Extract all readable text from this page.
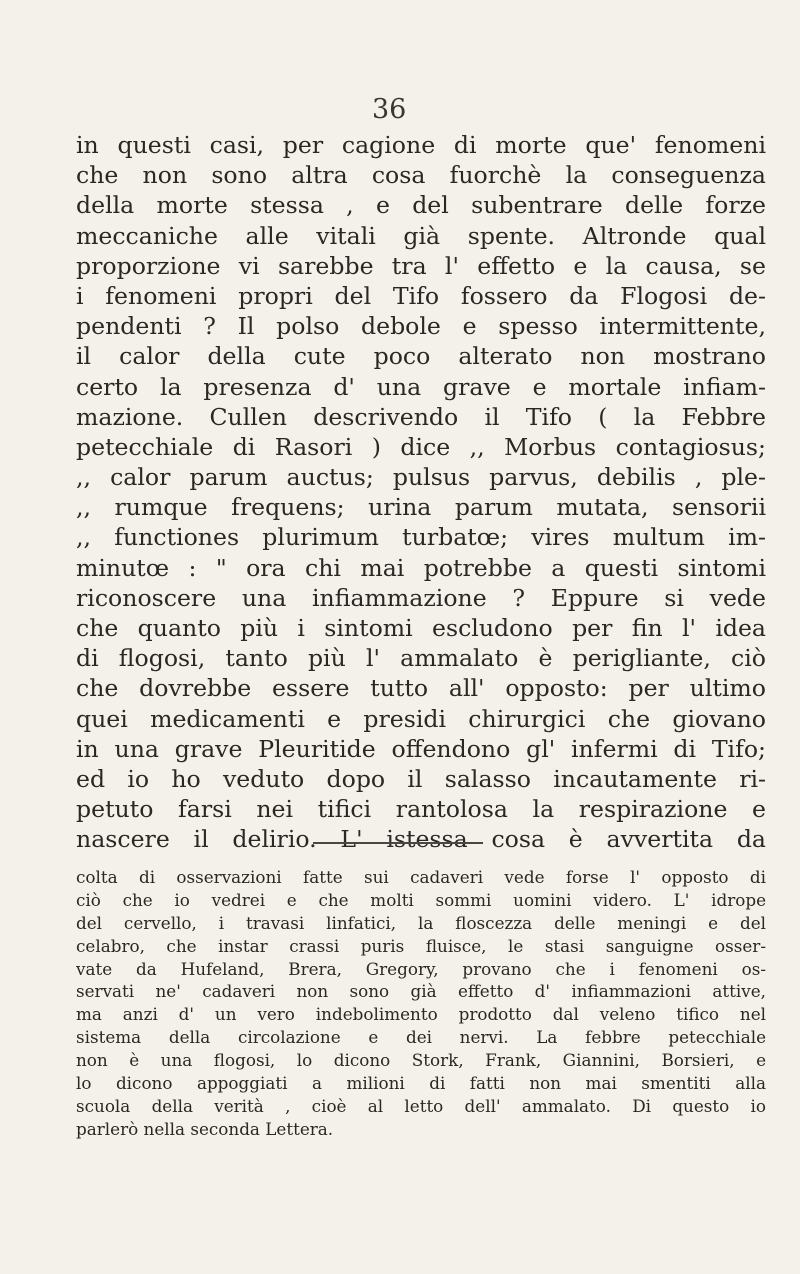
36
in questi casi, per cagione di morte que' fenomeni
che non sono altra cosa fuorchè la conseguenza
della morte stessa , e del subentrare delle forze
meccaniche alle vitali già spente. Altronde qual
proporzione vi sarebbe tra l' effetto e la causa, se
i fenomeni propri del Tifo fossero da Flogosi de-
pendenti ? Il polso debole e spesso intermittente,
il calor della cute poco alterato non mostrano
certo la presenza d' una grave e mortale infiam-
mazione. Cullen descrivendo il Tifo ( la Febbre
petecchiale di Rasori ) dice ,, Morbus contagiosus;
,, calor parum auctus; pulsus parvus, debilis , ple-
,, rumque frequens; urina parum mutata, sensorii
,, functiones plurimum turbatœ; vires multum im-
minutœ : " ora chi mai potrebbe a questi sintomi
riconoscere una infiammazione ? Eppure si vede
che quanto più i sintomi escludono per fin l' idea
di flogosi, tanto più l' ammalato è perigliante, ciò
che dovrebbe essere tutto all' opposto: per ultimo
quei medicamenti e presidi chirurgici che giovano
in una grave Pleuritide offendono gl' infermi di Tifo;
ed io ho veduto dopo il salasso incautamente ri-
petuto farsi nei tifici rantolosa la respirazione e
nascere il delirio. L' istessa cosa è avvertita da
colta di osservazioni fatte sui cadaveri vede forse l' opposto di
ciò che io vedrei e che molti sommi uomini videro. L' idrope
del cervello, i travasi linfatici, la floscezza delle meningi e del
celabro, che instar crassi puris fluisce, le stasi sanguigne osser-
vate da Hufeland, Brera, Gregory, provano che i fenomeni os-
servati ne' cadaveri non sono già effetto d' infiammazioni attive,
ma anzi d' un vero indebolimento prodotto dal veleno tifico nel
sistema della circolazione e dei nervi. La febbre petecchiale
non è una flogosi, lo dicono Stork, Frank, Giannini, Borsieri, e
lo dicono appoggiati a milioni di fatti non mai smentiti alla
scuola della verità , cioè al letto dell' ammalato. Di questo io
parlerò nella seconda Lettera.
